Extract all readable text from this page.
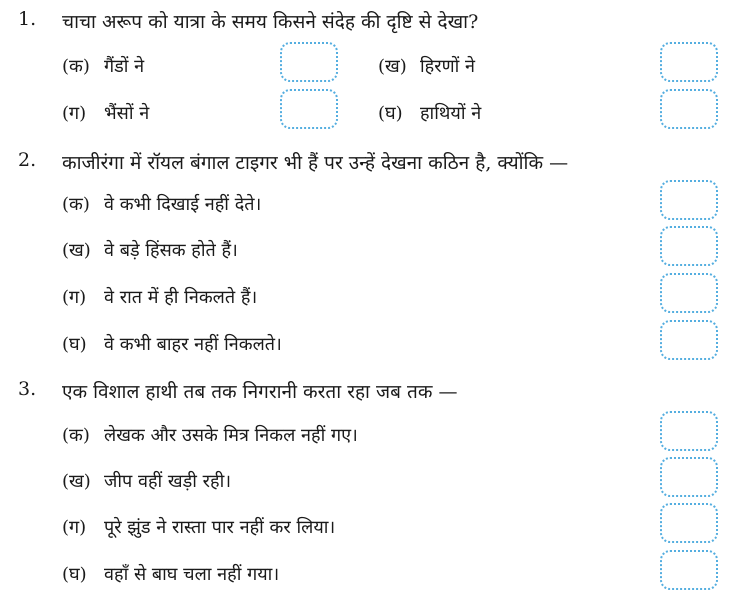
1. चाचा अरूप को यात्रा के समय किसने संदेह की दृष्टि से देखा?
(क) गैंडों ने	(ख) हिरणों ने
(ग) भैंसों ने	(घ) हाथियों ने
2. काजीरंगा में रॉयल बंगाल टाइगर भी हैं पर उन्हें देखना कठिन है, क्योंकि —
(क) वे कभी दिखाई नहीं देते।
(ख) वे बड़े हिंसक होते हैं।
(ग) वे रात में ही निकलते हैं।
(घ) वे कभी बाहर नहीं निकलते।
3. एक विशाल हाथी तब तक निगरानी करता रहा जब तक —
(क) लेखक और उसके मित्र निकल नहीं गए।
(ख) जीप वहीं खड़ी रही।
(ग) पूरे झुंड ने रास्ता पार नहीं कर लिया।
(घ) वहाँ से बाघ चला नहीं गया।
